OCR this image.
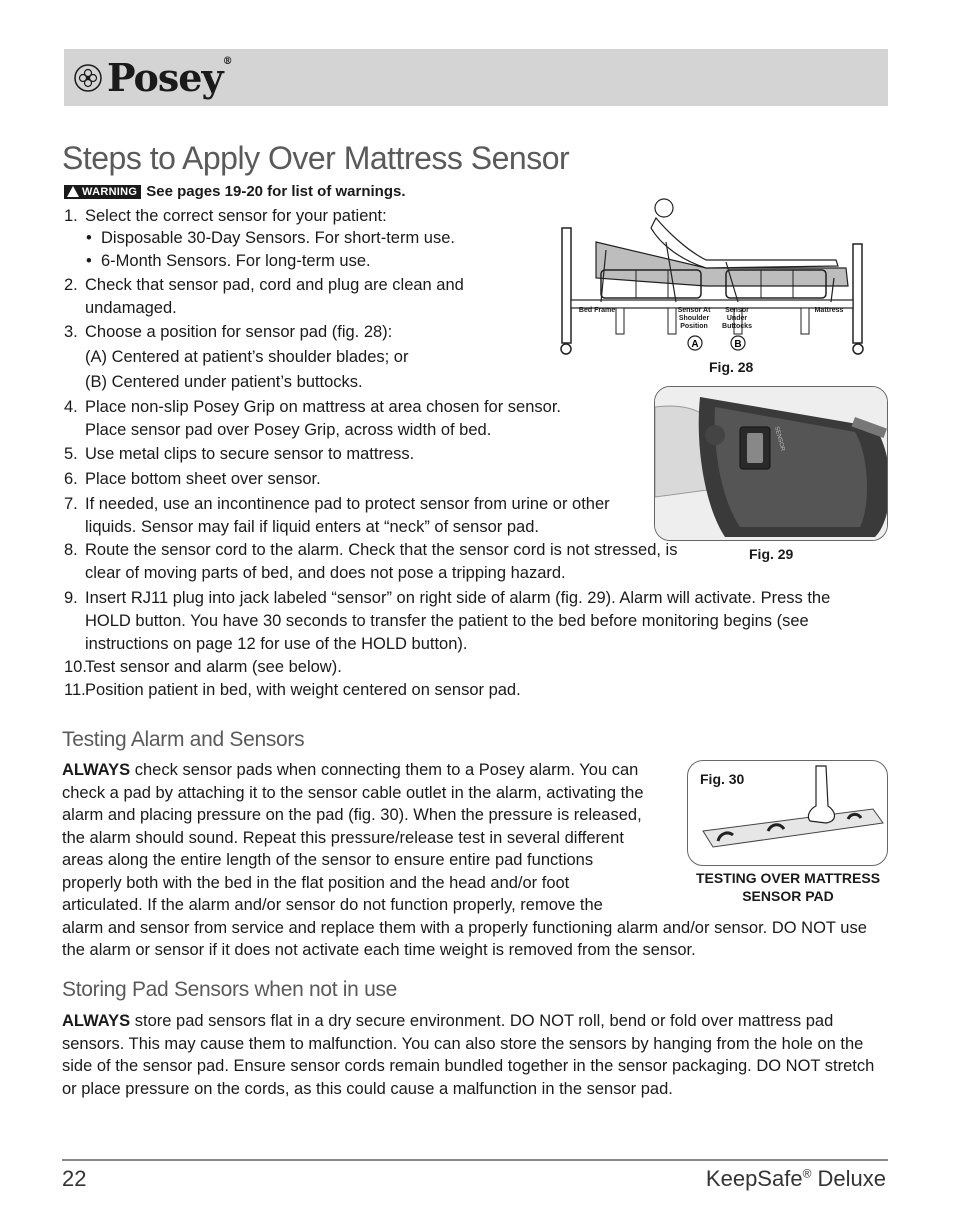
Posey®
Steps to Apply Over Mattress Sensor
WARNING See pages 19-20 for list of warnings.
1. Select the correct sensor for your patient:
• Disposable 30-Day Sensors. For short-term use.
• 6-Month Sensors. For long-term use.
2. Check that sensor pad, cord and plug are clean and undamaged.
3. Choose a position for sensor pad (fig. 28):
(A) Centered at patient’s shoulder blades; or
(B) Centered under patient’s buttocks.
4. Place non-slip Posey Grip on mattress at area chosen for sensor. Place sensor pad over Posey Grip, across width of bed.
5. Use metal clips to secure sensor to mattress.
6. Place bottom sheet over sensor.
7. If needed, use an incontinence pad to protect sensor from urine or other liquids. Sensor may fail if liquid enters at “neck” of sensor pad.
8. Route the sensor cord to the alarm. Check that the sensor cord is not stressed, is clear of moving parts of bed, and does not pose a tripping hazard.
9. Insert RJ11 plug into jack labeled “sensor” on right side of alarm (fig. 29). Alarm will activate. Press the HOLD button. You have 30 seconds to transfer the patient to the bed before monitoring begins (see instructions on page 12 for use of the HOLD button).
10.
Test sensor and alarm (see below).
11. Position patient in bed, with weight centered on sensor pad.
A	B
Bed Frame	Sensor At Shoulder Position
Sensor Under Buttocks
Mattress
Fig. 28
SENSOR
Fig. 29
Testing Alarm and Sensors
ALWAYS check sensor pads when connecting them to a Posey alarm. You can check a pad by attaching it to the sensor cable outlet in the alarm, activating the alarm and placing pressure on the pad (fig. 30). When the pressure is released, the alarm should sound. Repeat this pressure/release test in several different areas along the entire length of the sensor to ensure entire pad functions properly both with the bed in the flat position and the head and/or foot articulated. If the alarm and/or sensor do not function properly, remove the alarm and sensor from service and replace them with a properly functioning alarm and/or sensor. DO NOT use the alarm or sensor if it does not activate each time weight is removed from the sensor.
Fig. 30
TESTING OVER MATTRESS SENSOR PAD
Storing Pad Sensors when not in use
ALWAYS store pad sensors flat in a dry secure environment. DO NOT roll, bend or fold over mattress pad sensors. This may cause them to malfunction. You can also store the sensors by hanging from the hole on the side of the sensor pad. Ensure sensor cords remain bundled together in the sensor packaging. DO NOT stretch or place pressure on the cords, as this could cause a malfunction in the sensor pad.
22	KeepSafe® Deluxe
